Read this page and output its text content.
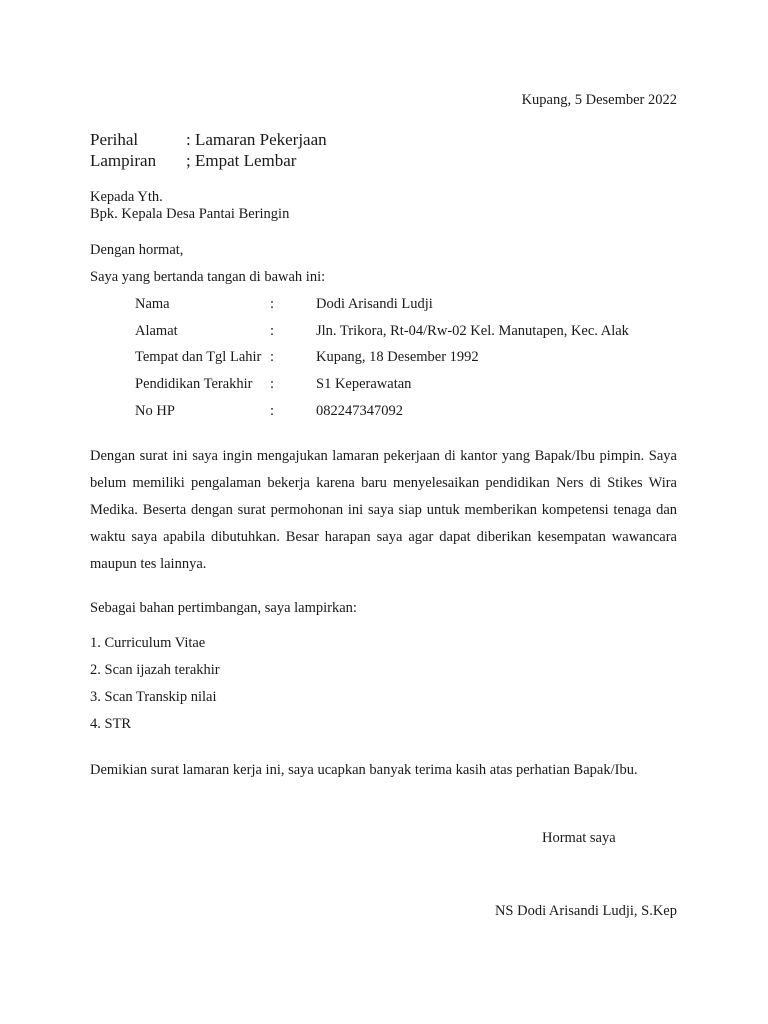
Kupang, 5 Desember 2022
Perihal	: Lamaran Pekerjaan
Lampiran ; Empat Lembar
Kepada Yth.
Bpk. Kepala Desa Pantai Beringin
Dengan hormat,
Saya yang bertanda tangan di bawah ini:
Nama	:	Dodi Arisandi Ludji
Alamat	:	Jln. Trikora, Rt-04/Rw-02 Kel. Manutapen, Kec. Alak
Tempat dan Tgl Lahir :	Kupang, 18 Desember 1992
Pendidikan Terakhir :	S1 Keperawatan
No HP	:	082247347092
Dengan surat ini saya ingin mengajukan lamaran pekerjaan di kantor yang Bapak/Ibu pimpin. Saya belum memiliki pengalaman bekerja karena baru menyelesaikan pendidikan Ners di Stikes Wira Medika. Beserta dengan surat permohonan ini saya siap untuk memberikan kompetensi tenaga dan waktu saya apabila dibutuhkan. Besar harapan saya agar dapat diberikan kesempatan wawancara maupun tes lainnya.
Sebagai bahan pertimbangan, saya lampirkan:
1. Curriculum Vitae
2. Scan ijazah terakhir
3. Scan Transkip nilai
4. STR
Demikian surat lamaran kerja ini, saya ucapkan banyak terima kasih atas perhatian Bapak/Ibu.
Hormat saya
NS Dodi Arisandi Ludji, S.Kep
